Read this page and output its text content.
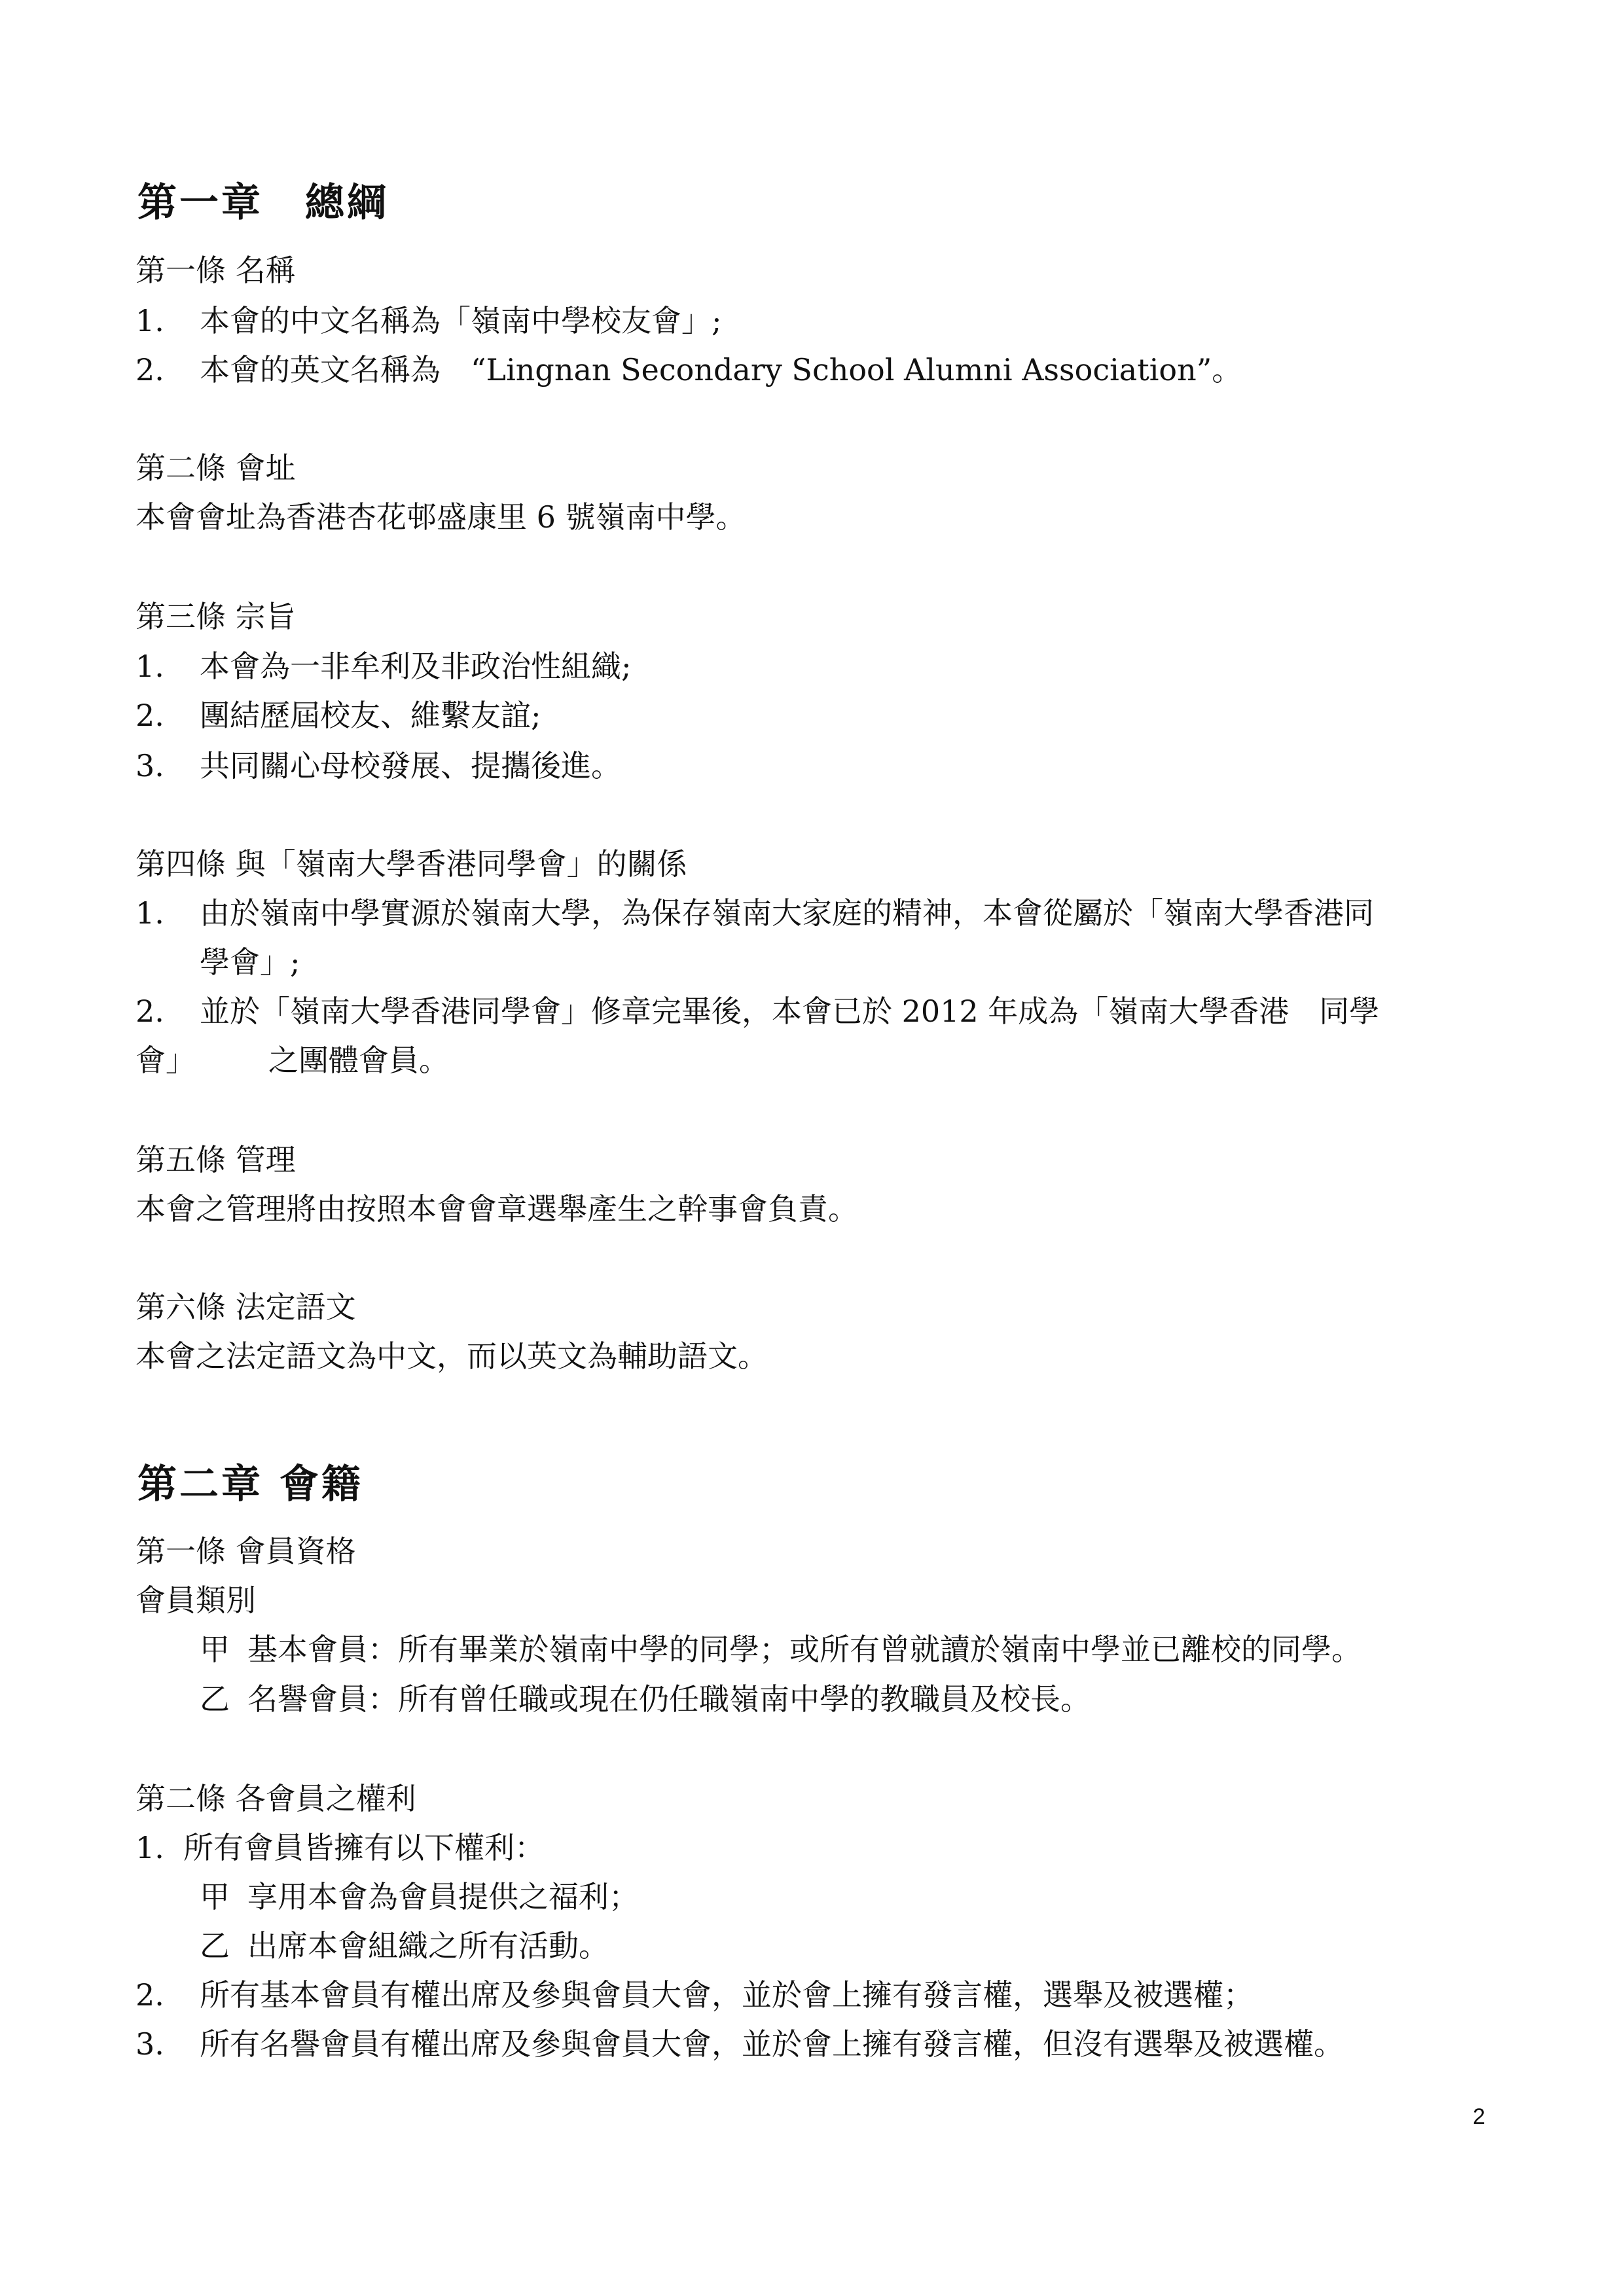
第一章　總綱

第一條 名稱

1. 本會的中文名稱為「嶺南中學校友會」;

2. 本會的英文名稱為　“Lingnan Secondary School Alumni Association”。

第二條 會址

本會會址為香港杏花邨盛康里 6 號嶺南中學。

第三條 宗旨

1. 本會為一非牟利及非政治性組織;

2. 團結歷屆校友、維繫友誼;

3. 共同關心母校發展、提攜後進。

第四條 與「嶺南大學香港同學會」的關係

1. 由於嶺南中學實源於嶺南大學，為保存嶺南大家庭的精神，本會從屬於「嶺南大學香港同

學會」;

2. 並於「嶺南大學香港同學會」修章完畢後，本會已於 2012 年成為「嶺南大學香港　同學

會」 之團體會員。

第五條 管理

本會之管理將由按照本會會章選舉產生之幹事會負責。

第六條 法定語文

本會之法定語文為中文，而以英文為輔助語文。

第二章 會籍

第一條 會員資格

會員類別

甲 基本會員：所有畢業於嶺南中學的同學；或所有曾就讀於嶺南中學並已離校的同學。

乙 名譽會員：所有曾任職或現在仍任職嶺南中學的教職員及校長。

第二條 各會員之權利

1. 所有會員皆擁有以下權利：

甲 享用本會為會員提供之福利；

乙 出席本會組織之所有活動。

2. 所有基本會員有權出席及參與會員大會，並於會上擁有發言權，選舉及被選權；

3. 所有名譽會員有權出席及參與會員大會，並於會上擁有發言權，但沒有選舉及被選權。

2
